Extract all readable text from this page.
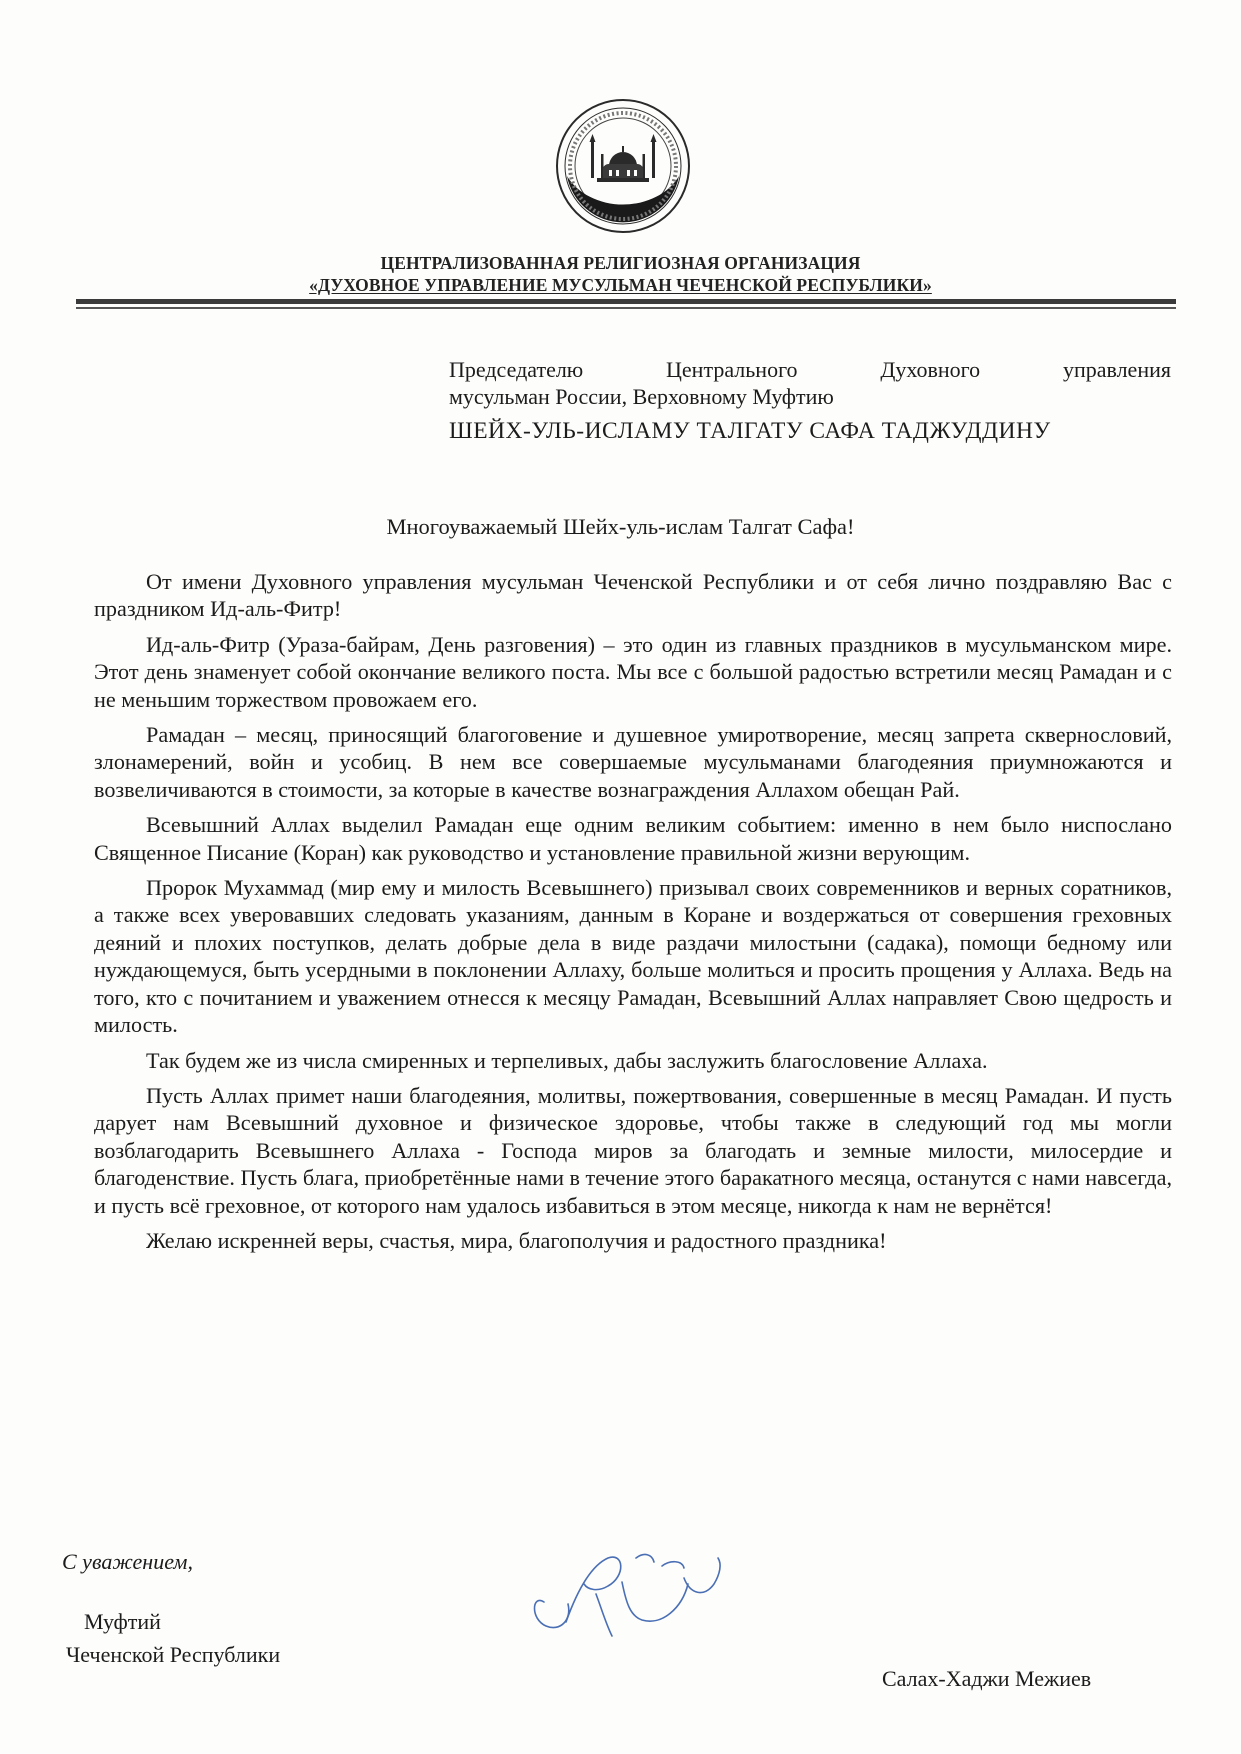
ЦЕНТРАЛИЗОВАННАЯ РЕЛИГИОЗНАЯ ОРГАНИЗАЦИЯ
«ДУХОВНОЕ УПРАВЛЕНИЕ МУСУЛЬМАН ЧЕЧЕНСКОЙ РЕСПУБЛИКИ»
Председателю	Центрального	Духовного	управления
мусульман России, Верховному Муфтию
ШЕЙХ-УЛЬ-ИСЛАМУ ТАЛГАТУ САФА ТАДЖУДДИНУ
Многоуважаемый Шейх-уль-ислам Талгат Сафа!

От имени Духовного управления мусульман Чеченской Республики и от себя лично поздравляю Вас с праздником Ид-аль-Фитр!

Ид-аль-Фитр (Ураза-байрам, День разговения) – это один из главных праздников в мусульманском мире. Этот день знаменует собой окончание великого поста. Мы все с большой радостью встретили месяц Рамадан и с не меньшим торжеством провожаем его.

Рамадан – месяц, приносящий благоговение и душевное умиротворение, месяц запрета сквернословий, злонамерений, войн и усобиц. В нем все совершаемые мусульманами благодеяния приумножаются и возвеличиваются в стоимости, за которые в качестве вознаграждения Аллахом обещан Рай.

Всевышний Аллах выделил Рамадан еще одним великим событием: именно в нем было ниспослано Священное Писание (Коран) как руководство и установление правильной жизни верующим.

Пророк Мухаммад (мир ему и милость Всевышнего) призывал своих современников и верных соратников, а также всех уверовавших следовать указаниям, данным в Коране и воздержаться от совершения греховных деяний и плохих поступков, делать добрые дела в виде раздачи милостыни (садака), помощи бедному или нуждающемуся, быть усердными в поклонении Аллаху, больше молиться и просить прощения у Аллаха. Ведь на того, кто с почитанием и уважением отнесся к месяцу Рамадан, Всевышний Аллах направляет Свою щедрость и милость.

Так будем же из числа смиренных и терпеливых, дабы заслужить благословение Аллаха.

Пусть Аллах примет наши благодеяния, молитвы, пожертвования, совершенные в месяц Рамадан. И пусть дарует нам Всевышний духовное и физическое здоровье, чтобы также в следующий год мы могли возблагодарить Всевышнего Аллаха - Господа миров за благодать и земные милости, милосердие и благоденствие. Пусть блага, приобретённые нами в течение этого баракатного месяца, останутся с нами навсегда, и пусть всё греховное, от которого нам удалось избавиться в этом месяце, никогда к нам не вернётся!

Желаю искренней веры, счастья, мира, благополучия и радостного праздника!

С уважением,
Муфтий
Чеченской Республики
Салах-Хаджи Межиев
